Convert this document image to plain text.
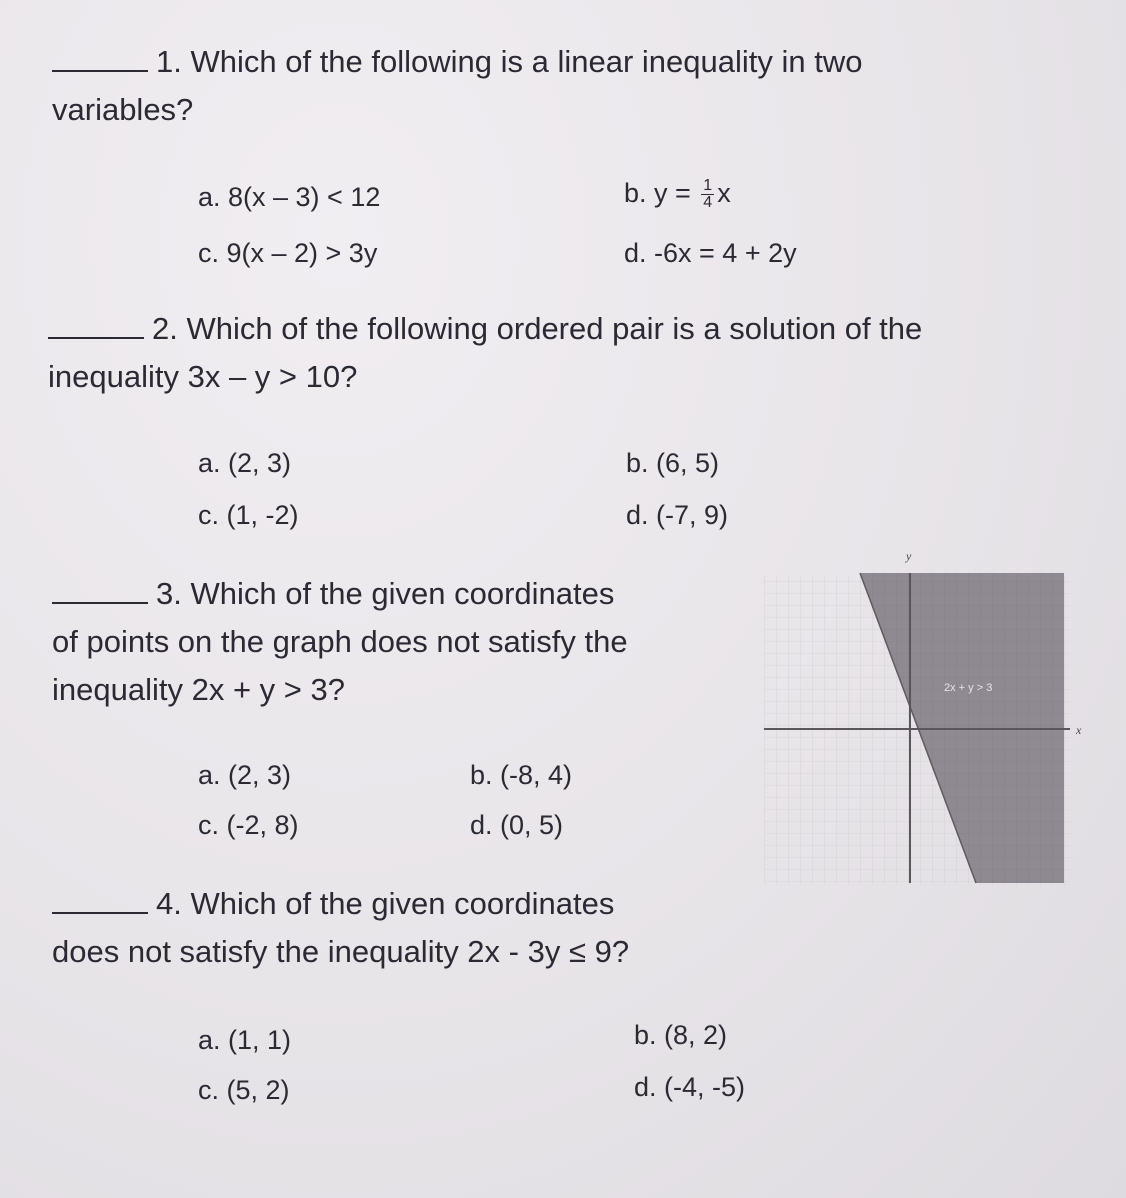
1. Which of the following is a linear inequality in two
variables?
a. 8(x – 3) < 12	b. $y = \frac{1}{4}$ x
c. 9(x – 2) > 3y	d. -6x = 4 + 2y
2. Which of the following ordered pair is a solution of the
inequality 3x – y > 10?
a. (2, 3)	b. (6, 5)
c. (1, -2)	d. (-7, 9)
3. Which of the given coordinates
of points on the graph does not satisfy the
inequality 2x + y > 3?
a. (2, 3)	b. (-8, 4)
c. (-2, 8)	d. (0, 5)
y
x
2x + y > 3
4. Which of the given coordinates
does not satisfy the inequality 2x - 3y ≤ 9?
a. (1, 1)	b. (8, 2)
c. (5, 2)	d. (-4, -5)
